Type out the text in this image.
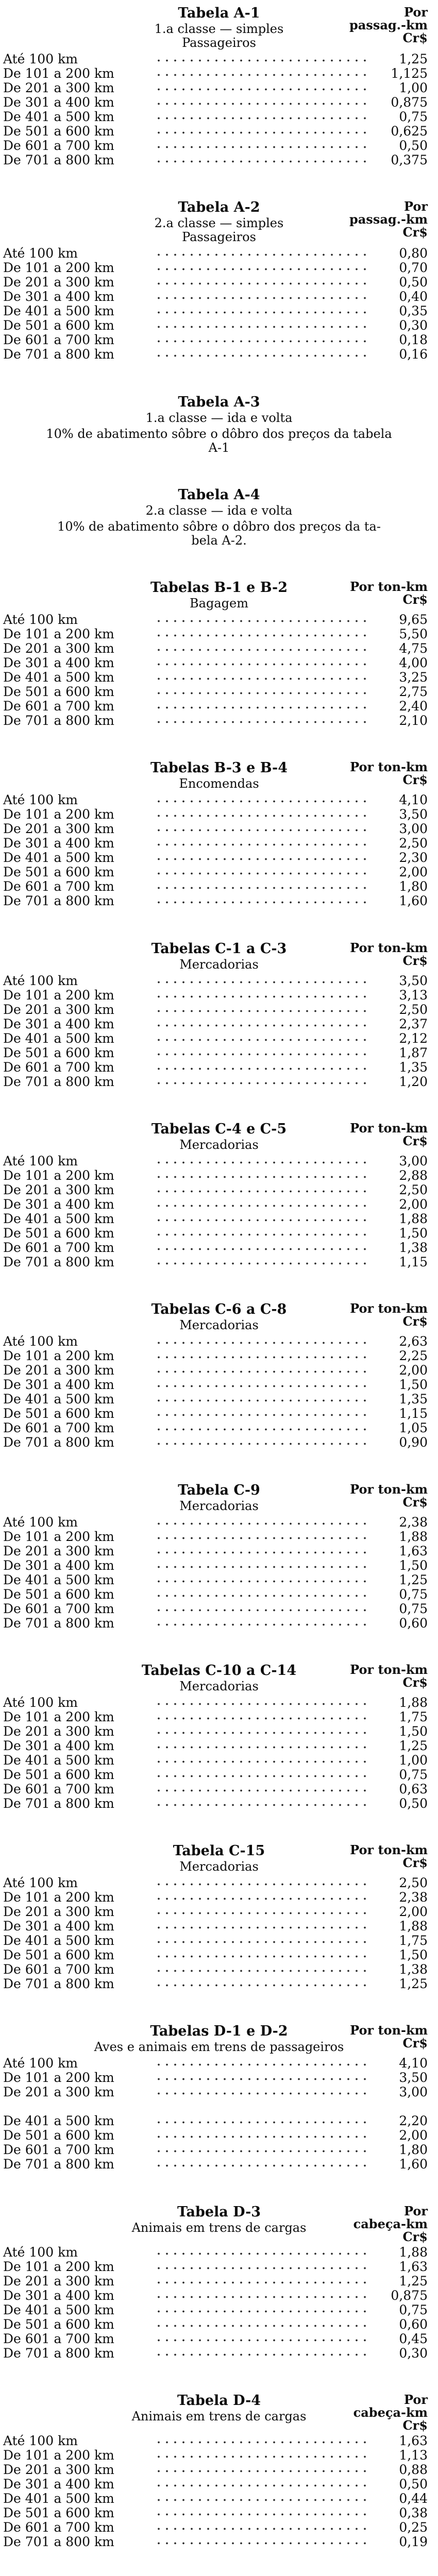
Por
passag.-km
Cr$
Tabela A-1
1.a classe — simples
Passageiros
Até 100 km	1,25
De 101 a 200 km	1,125
De 201 a 300 km	1,00
De 301 a 400 km	0,875
De 401 a 500 km	0,75
De 501 a 600 km	0,625
De 601 a 700 km	0,50
De 701 a 800 km	0,375
Por
passag.-km
Cr$
Tabela A-2
2.a classe — simples
Passageiros
Até 100 km	0,80
De 101 a 200 km	0,70
De 201 a 300 km	0,50
De 301 a 400 km	0,40
De 401 a 500 km	0,35
De 501 a 600 km	0,30
De 601 a 700 km	0,18
De 701 a 800 km	0,16
Tabela A-3
1.a classe — ida e volta
10% de abatimento sôbre o dôbro dos preços da tabela
A-1
Tabela A-4
2.a classe — ida e volta
10% de abatimento sôbre o dôbro dos preços da ta-
bela A-2.
Por ton-km
Cr$
Tabelas B-1 e B-2
Bagagem
Até 100 km	9,65
De 101 a 200 km	5,50
De 201 a 300 km	4,75
De 301 a 400 km	4,00
De 401 a 500 km	3,25
De 501 a 600 km	2,75
De 601 a 700 km	2,40
De 701 a 800 km	2,10
Por ton-km
Cr$
Tabelas B-3 e B-4
Encomendas
Até 100 km	4,10
De 101 a 200 km	3,50
De 201 a 300 km	3,00
De 301 a 400 km	2,50
De 401 a 500 km	2,30
De 501 a 600 km	2,00
De 601 a 700 km	1,80
De 701 a 800 km	1,60
Por ton-km
Cr$
Tabelas C-1 a C-3
Mercadorias
Até 100 km	3,50
De 101 a 200 km	3,13
De 201 a 300 km	2,50
De 301 a 400 km	2,37
De 401 a 500 km	2,12
De 501 a 600 km	1,87
De 601 a 700 km	1,35
De 701 a 800 km	1,20
Por ton-km
Cr$
Tabelas C-4 e C-5
Mercadorias
Até 100 km	3,00
De 101 a 200 km	2,88
De 201 a 300 km	2,50
De 301 a 400 km	2,00
De 401 a 500 km	1,88
De 501 a 600 km	1,50
De 601 a 700 km	1,38
De 701 a 800 km	1,15
Por ton-km
Cr$
Tabelas C-6 a C-8
Mercadorias
Até 100 km	2,63
De 101 a 200 km	2,25
De 201 a 300 km	2,00
De 301 a 400 km	1,50
De 401 a 500 km	1,35
De 501 a 600 km	1,15
De 601 a 700 km	1,05
De 701 a 800 km	0,90
Por ton-km
Cr$
Tabela C-9
Mercadorias
Até 100 km	2,38
De 101 a 200 km	1,88
De 201 a 300 km	1,63
De 301 a 400 km	1,50
De 401 a 500 km	1,25
De 501 a 600 km	0,75
De 601 a 700 km	0,75
De 701 a 800 km	0,60
Por ton-km
Cr$
Tabelas C-10 a C-14
Mercadorias
Até 100 km	1,88
De 101 a 200 km	1,75
De 201 a 300 km	1,50
De 301 a 400 km	1,25
De 401 a 500 km	1,00
De 501 a 600 km	0,75
De 601 a 700 km	0,63
De 701 a 800 km	0,50
Por ton-km
Cr$
Tabela C-15
Mercadorias
Até 100 km	2,50
De 101 a 200 km	2,38
De 201 a 300 km	2,00
De 301 a 400 km	1,88
De 401 a 500 km	1,75
De 501 a 600 km	1,50
De 601 a 700 km	1,38
De 701 a 800 km	1,25
Por ton-km
Cr$
Tabelas D-1 e D-2
Aves e animais em trens de passageiros
Até 100 km	4,10
De 101 a 200 km	3,50
De 201 a 300 km	3,00
De 401 a 500 km	2,20
De 501 a 600 km	2,00
De 601 a 700 km	1,80
De 701 a 800 km	1,60
Por
cabeça-km
Cr$
Tabela D-3
Animais em trens de cargas
Até 100 km	1,88
De 101 a 200 km	1,63
De 201 a 300 km	1,25
De 301 a 400 km	0,875
De 401 a 500 km	0,75
De 501 a 600 km	0,60
De 601 a 700 km	0,45
De 701 a 800 km	0,30
Por
cabeça-km
Cr$
Tabela D-4
Animais em trens de cargas
Até 100 km	1,63
De 101 a 200 km	1,13
De 201 a 300 km	0,88
De 301 a 400 km	0,50
De 401 a 500 km	0,44
De 501 a 600 km	0,38
De 601 a 700 km	0,25
De 701 a 800 km	0,19
